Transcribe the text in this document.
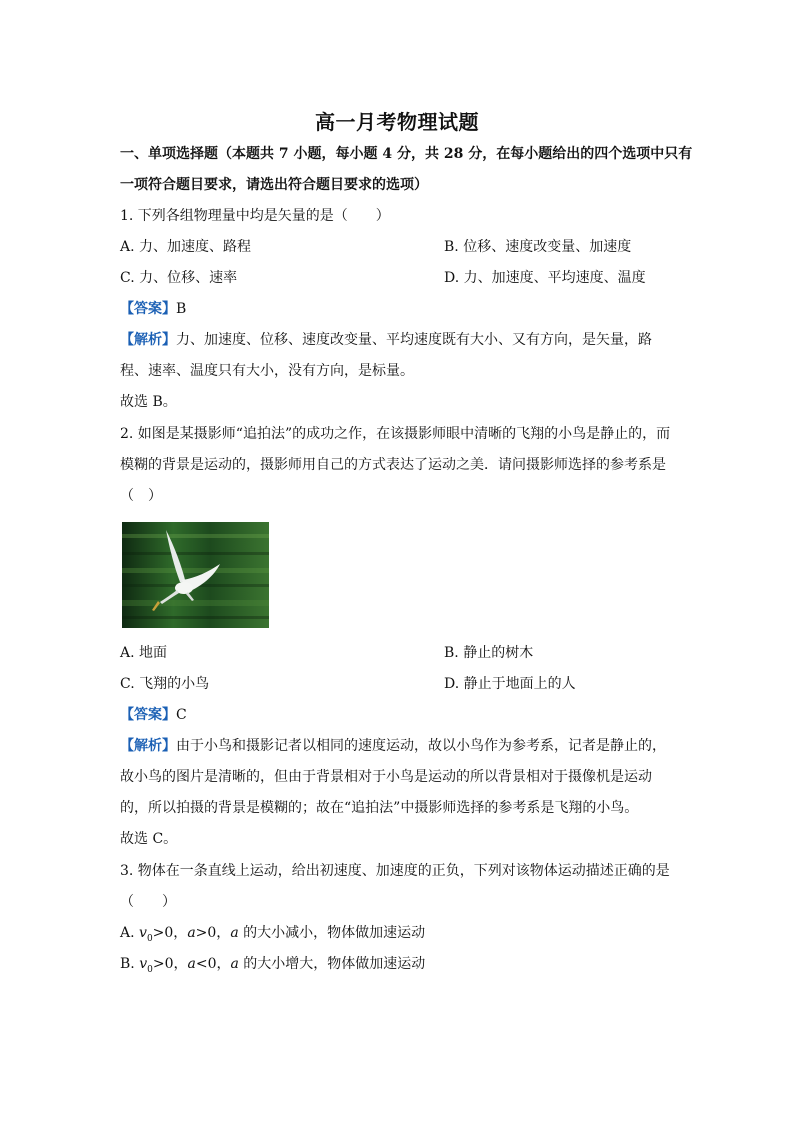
高一月考物理试题
一、单项选择题（本题共 7 小题，每小题 4 分，共 28 分，在每小题给出的四个选项中只有
一项符合题目要求，请选出符合题目要求的选项）
1. 下列各组物理量中均是矢量的是（　　）
A. 力、加速度、路程	B. 位移、速度改变量、加速度
C. 力、位移、速率	D. 力、加速度、平均速度、温度
【答案】B
【解析】力、加速度、位移、速度改变量、平均速度既有大小、又有方向，是矢量，路
程、速率、温度只有大小，没有方向，是标量。
故选 B。
2. 如图是某摄影师“追拍法”的成功之作，在该摄影师眼中清晰的飞翔的小鸟是静止的，而
模糊的背景是运动的，摄影师用自己的方式表达了运动之美．请问摄影师选择的参考系是
（　）
A. 地面	B. 静止的树木
C. 飞翔的小鸟	D. 静止于地面上的人
【答案】C
【解析】由于小鸟和摄影记者以相同的速度运动，故以小鸟作为参考系，记者是静止的，
故小鸟的图片是清晰的，但由于背景相对于小鸟是运动的所以背景相对于摄像机是运动
的，所以拍摄的背景是模糊的；故在“追拍法”中摄影师选择的参考系是飞翔的小鸟。
故选 C。
3. 物体在一条直线上运动，给出初速度、加速度的正负，下列对该物体运动描述正确的是
（　　）
A. $v_0>0$，a>0，a 的大小减小，物体做加速运动
B. $v_0>0$，a<0，a 的大小增大，物体做加速运动
